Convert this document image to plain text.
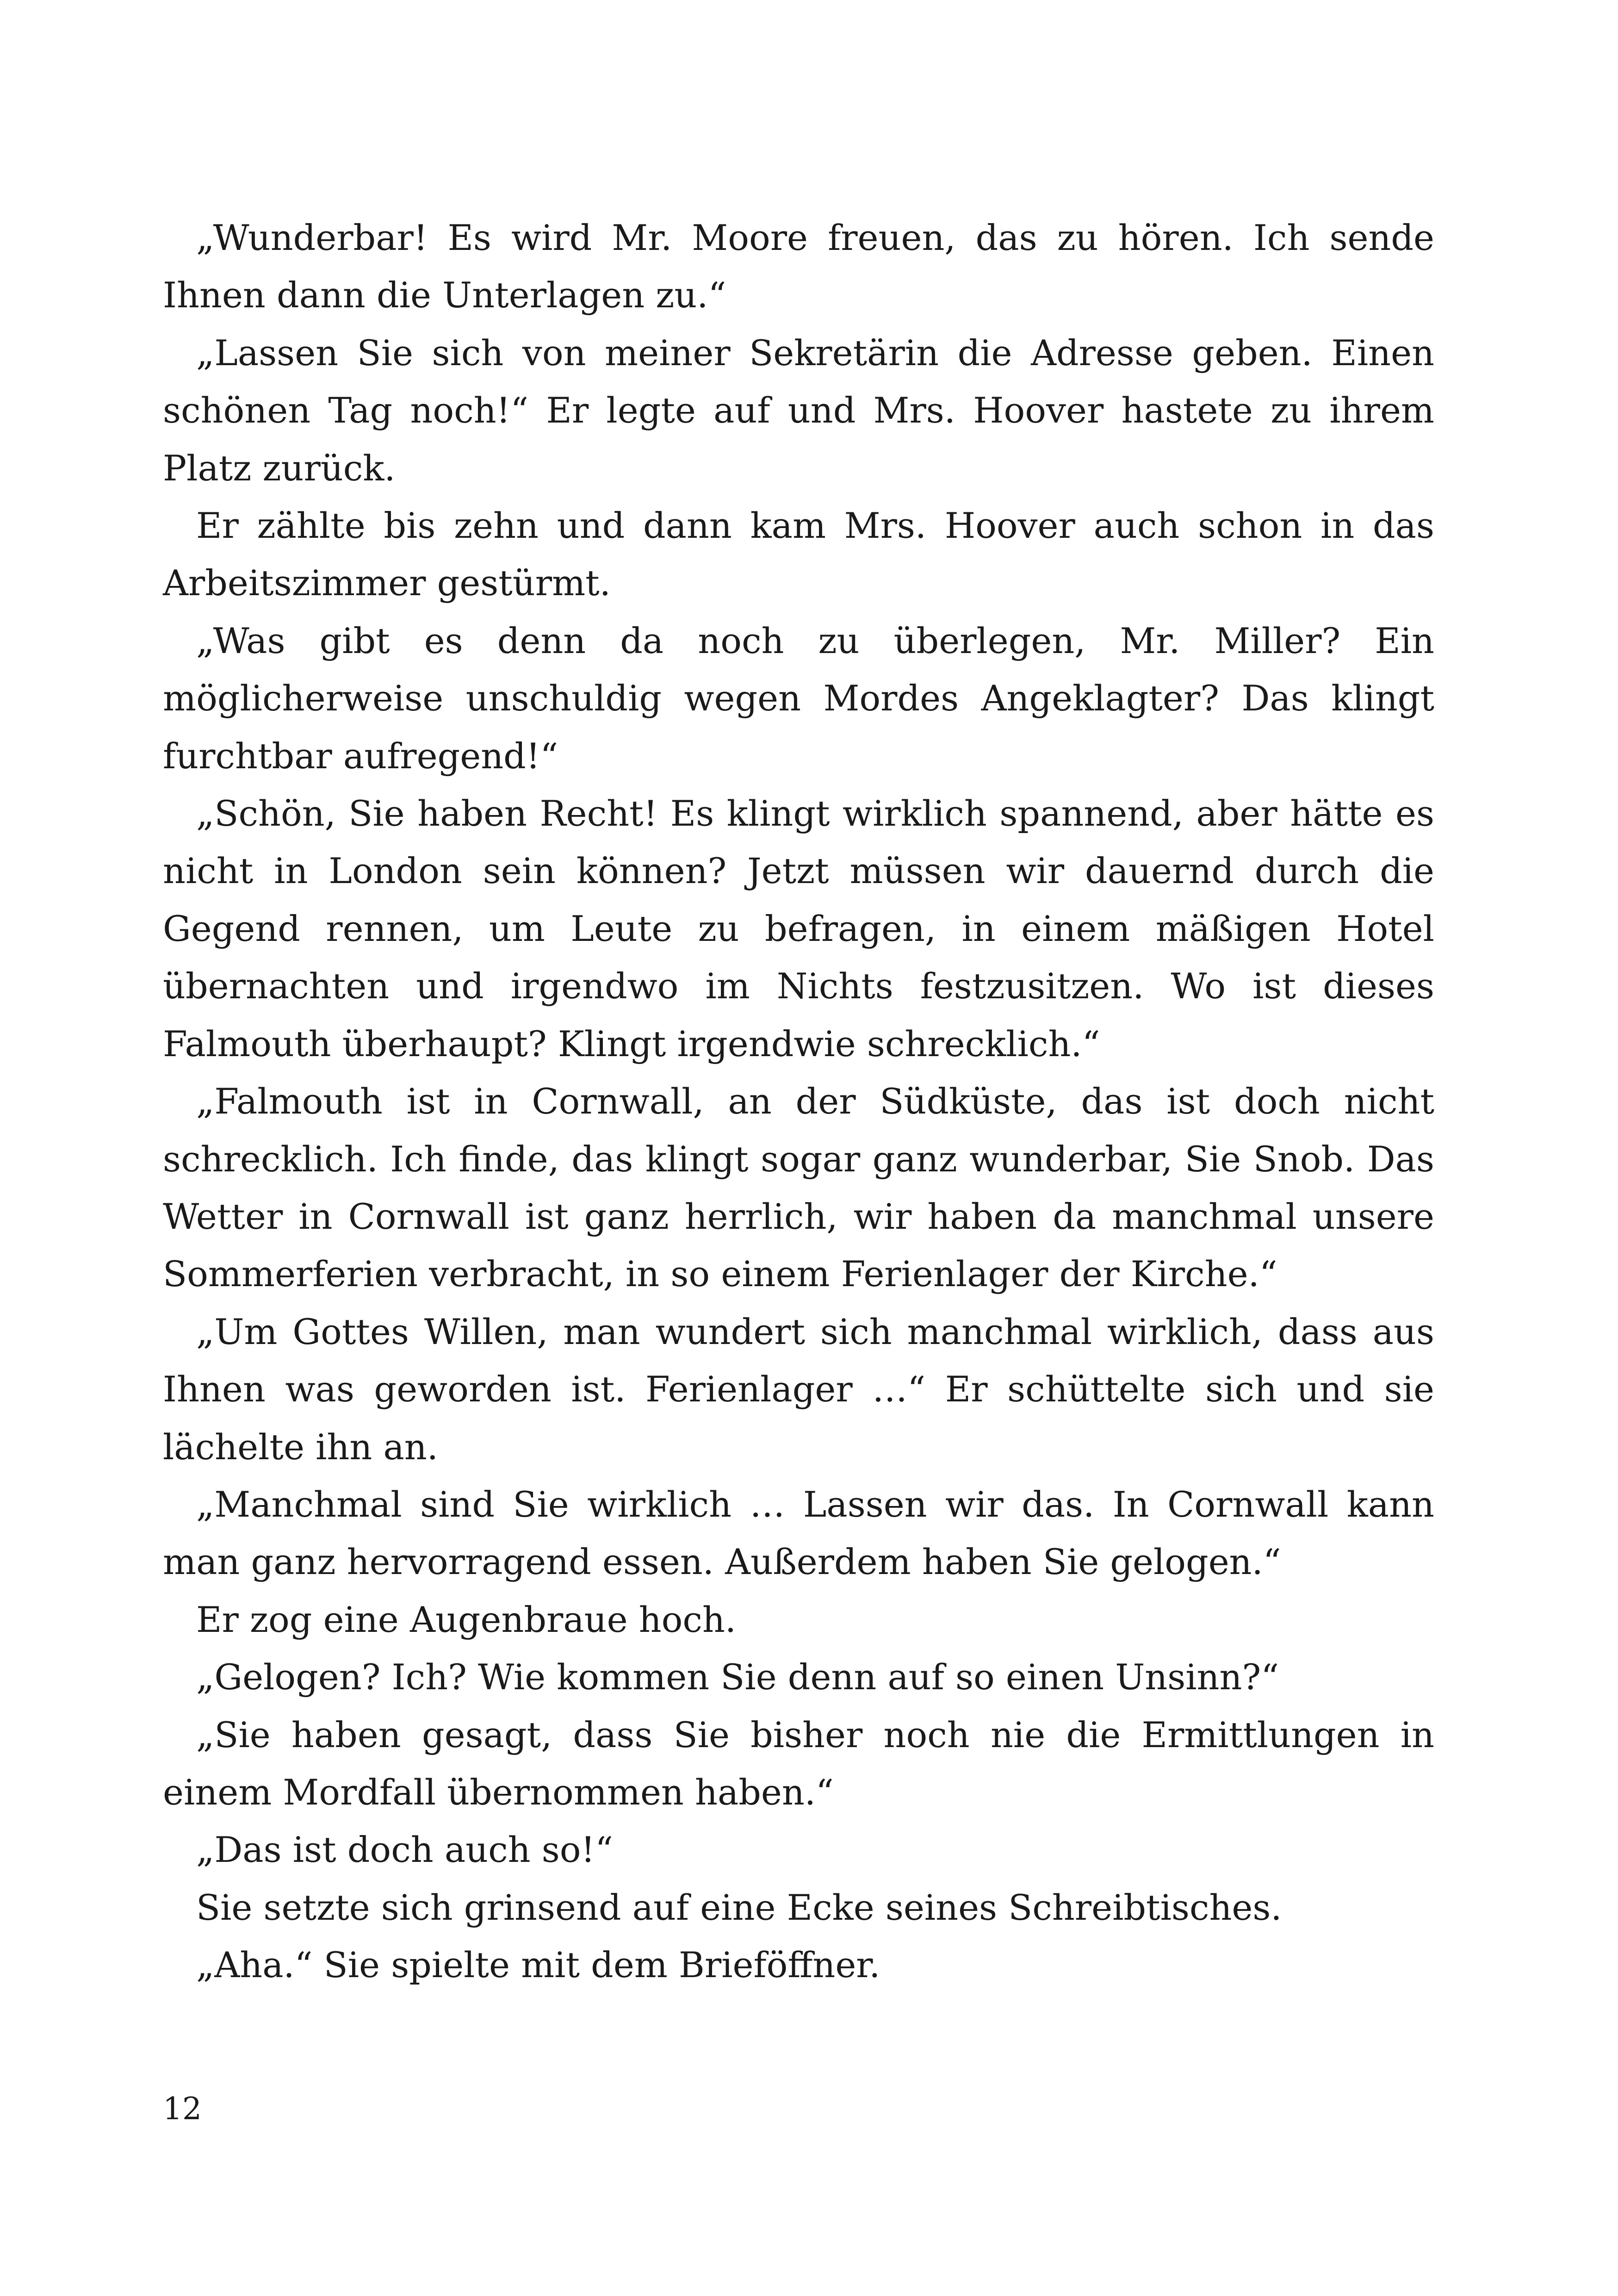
„Wunderbar! Es wird Mr. Moore freuen, das zu hören. Ich sende Ihnen dann die Unterlagen zu.“

„Lassen Sie sich von meiner Sekretärin die Adresse geben. Einen schönen Tag noch!“ Er legte auf und Mrs. Hoover hastete zu ihrem Platz zurück.

Er zählte bis zehn und dann kam Mrs. Hoover auch schon in das Arbeitszimmer gestürmt.

„Was gibt es denn da noch zu überlegen, Mr. Miller? Ein möglicherweise unschuldig wegen Mordes Angeklagter? Das klingt furchtbar aufregend!“

„Schön, Sie haben Recht! Es klingt wirklich spannend, aber hätte es nicht in London sein können? Jetzt müssen wir dauernd durch die Gegend rennen, um Leute zu befragen, in einem mäßigen Hotel übernachten und irgendwo im Nichts festzusitzen. Wo ist dieses Falmouth überhaupt? Klingt irgendwie schrecklich.“

„Falmouth ist in Cornwall, an der Südküste, das ist doch nicht schrecklich. Ich finde, das klingt sogar ganz wunderbar, Sie Snob. Das Wetter in Cornwall ist ganz herrlich, wir haben da manchmal unsere Sommerferien verbracht, in so einem Ferienlager der Kirche.“

„Um Gottes Willen, man wundert sich manchmal wirklich, dass aus Ihnen was geworden ist. Ferienlager …“ Er schüttelte sich und sie lächelte ihn an.

„Manchmal sind Sie wirklich … Lassen wir das. In Cornwall kann man ganz hervorragend essen. Außerdem haben Sie gelogen.“

Er zog eine Augenbraue hoch.

„Gelogen? Ich? Wie kommen Sie denn auf so einen Unsinn?“

„Sie haben gesagt, dass Sie bisher noch nie die Ermittlungen in einem Mordfall übernommen haben.“

„Das ist doch auch so!“

Sie setzte sich grinsend auf eine Ecke seines Schreibtisches.

„Aha.“ Sie spielte mit dem Brieföffner.

12
